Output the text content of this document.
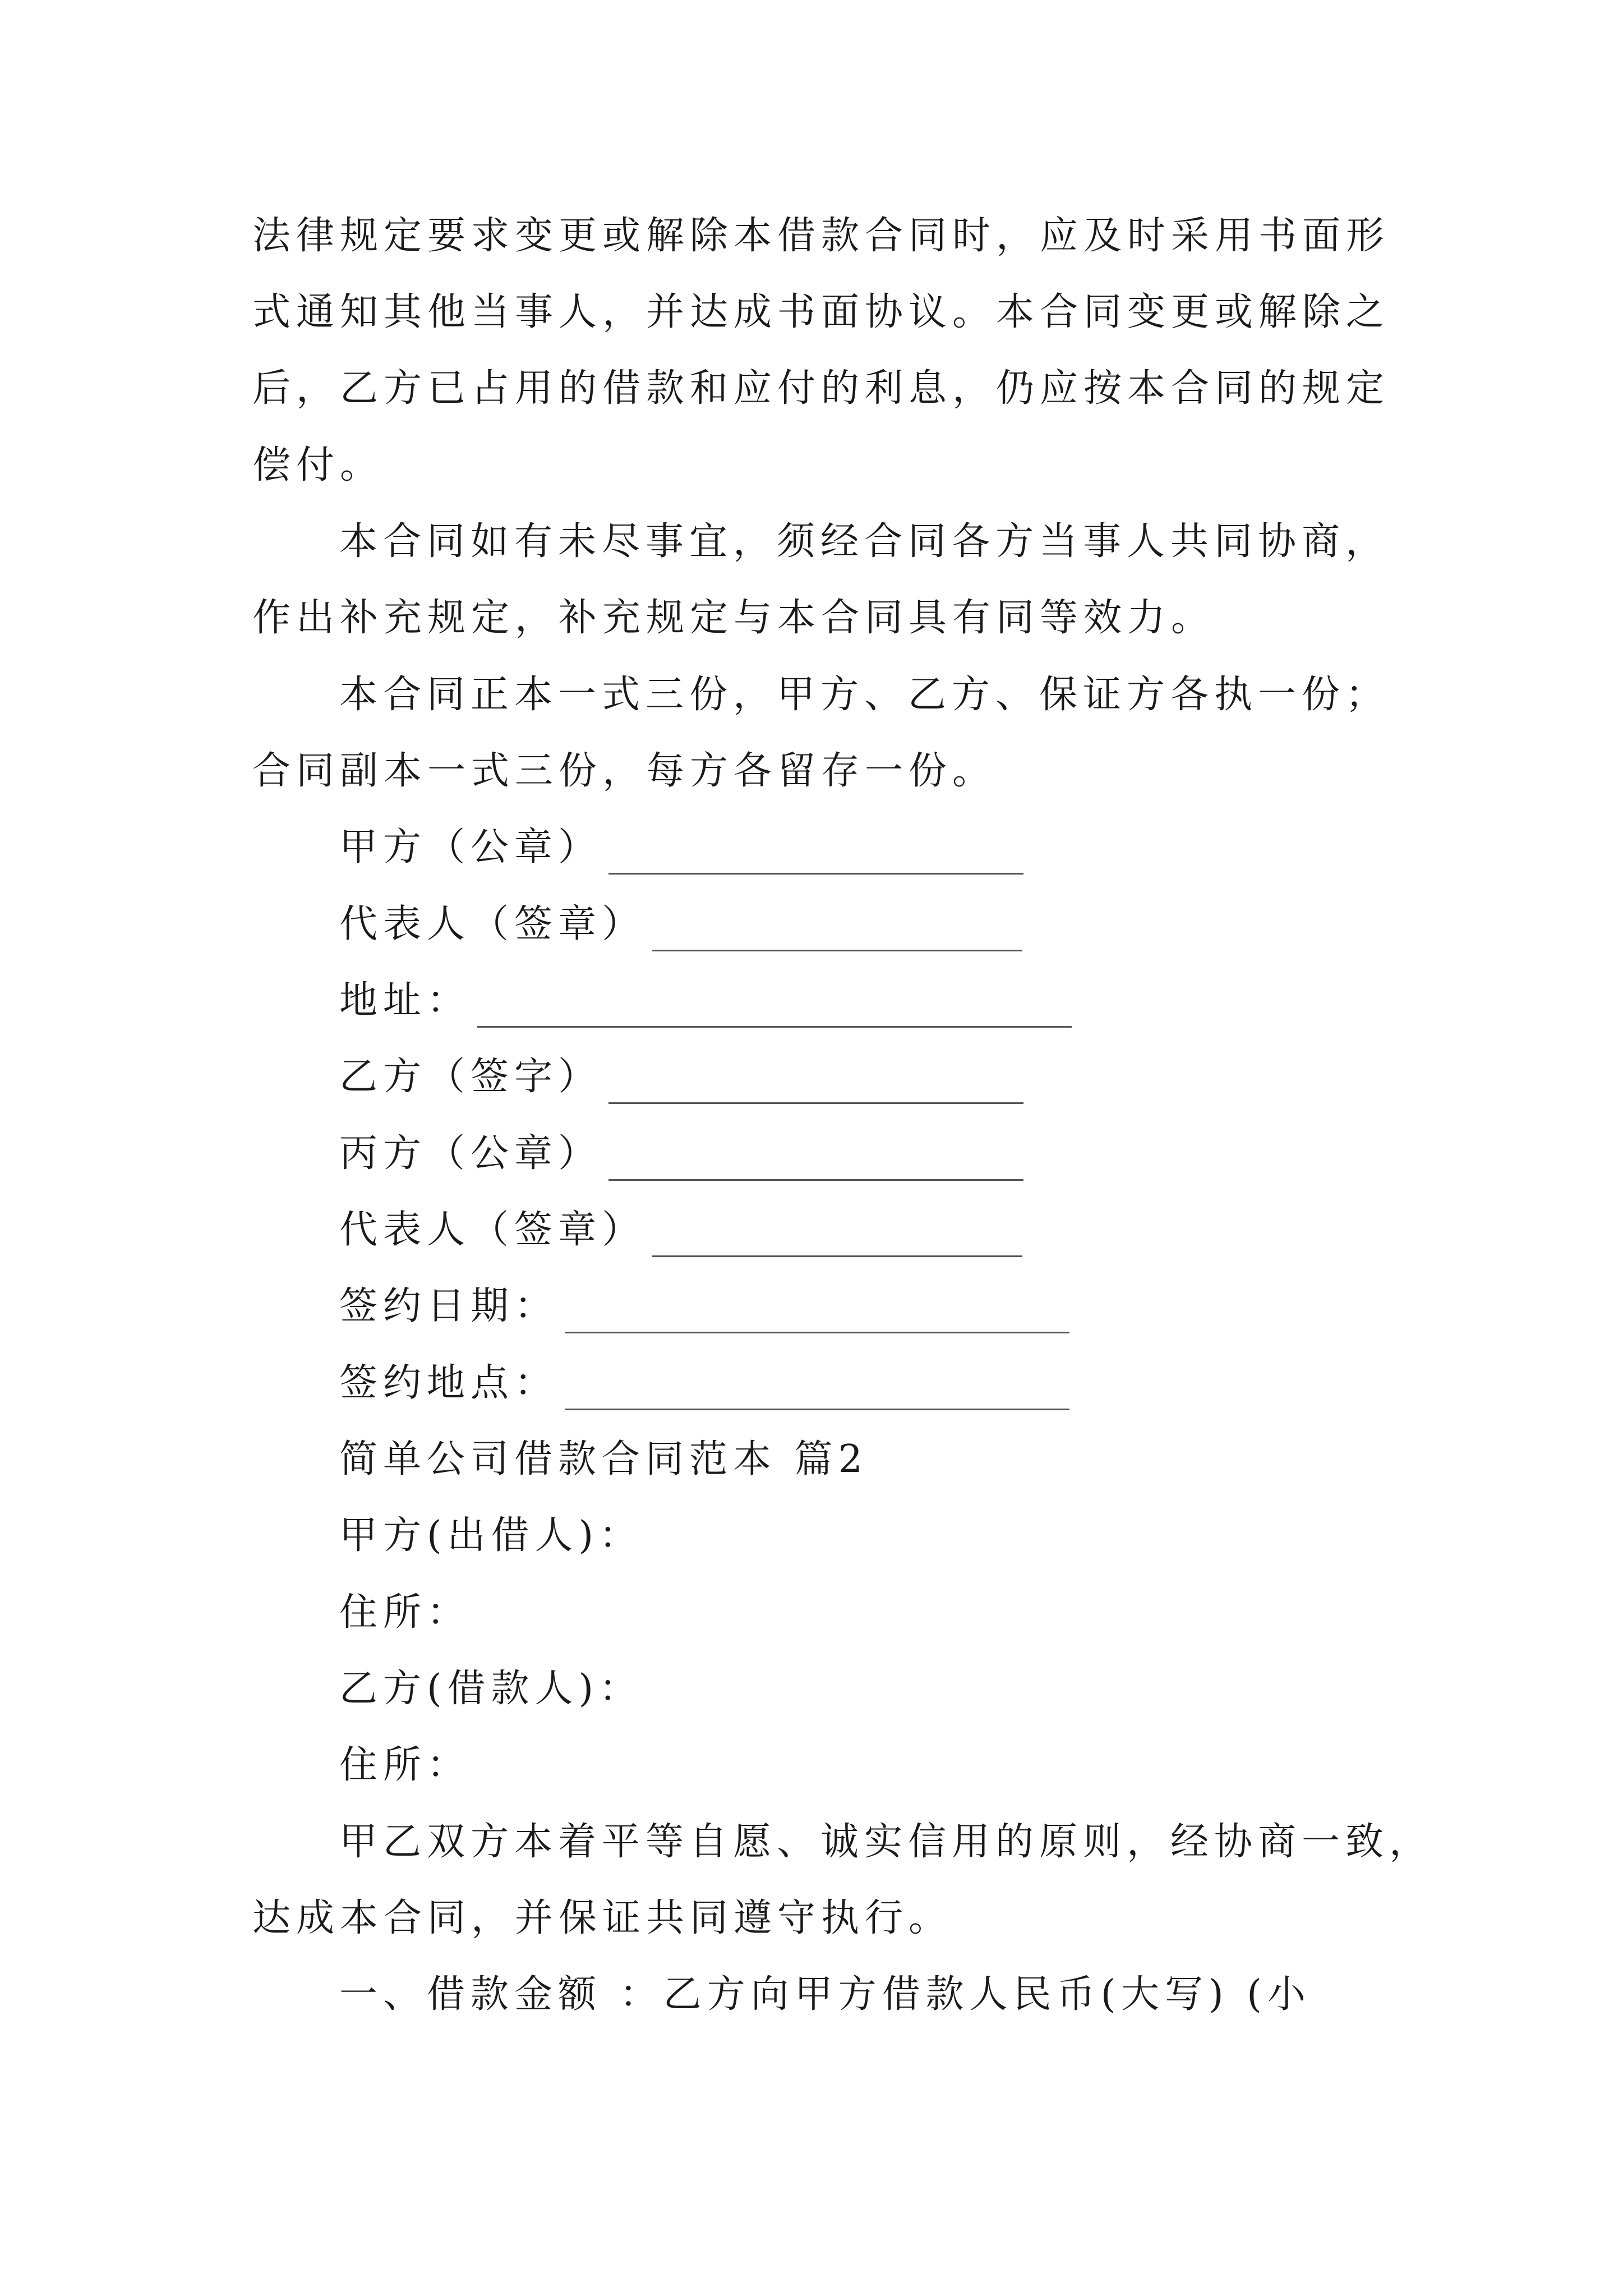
法律规定要求变更或解除本借款合同时，应及时采用书面形
式通知其他当事人，并达成书面协议。本合同变更或解除之
后，乙方已占用的借款和应付的利息，仍应按本合同的规定
偿付。
本合同如有未尽事宜，须经合同各方当事人共同协商，
作出补充规定，补充规定与本合同具有同等效力。
本合同正本一式三份，甲方、乙方、保证方各执一份；
合同副本一式三份，每方各留存一份。
甲方（公章）
代表人（签章）
地址：
乙方（签字）
丙方（公章）
代表人（签章）
签约日期：
签约地点：
简单公司借款合同范本 篇2
甲方(出借人)：
住所：
乙方(借款人)：
住所：
甲乙双方本着平等自愿、诚实信用的原则，经协商一致，
达成本合同，并保证共同遵守执行。
一、借款金额 ：乙方向甲方借款人民币(大写) (小
